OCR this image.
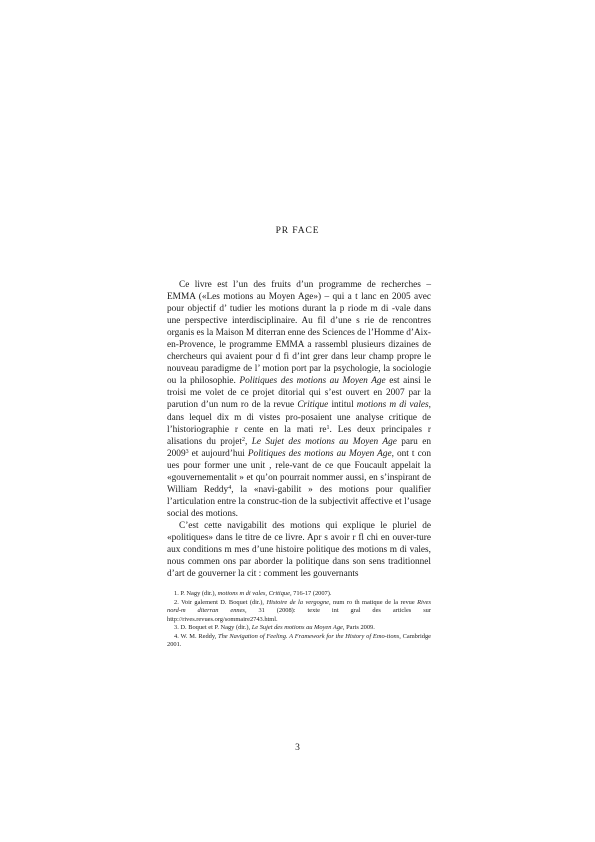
PR FACE

Ce livre est l’un des fruits d’un programme de recherches – EMMA («Les motions au Moyen Age») – qui a t lanc en 2005 avec pour objectif d’ tudier les motions durant la p riode m di -vale dans une perspective interdisciplinaire. Au fil d’une s rie de rencontres organis es la Maison M diterran enne des Sciences de l’Homme d’Aix-en-Provence, le programme EMMA a rassembl plusieurs dizaines de chercheurs qui avaient pour d fi d’int grer dans leur champ propre le nouveau paradigme de l’ motion port par la psychologie, la sociologie ou la philosophie. Politiques des motions au Moyen Age est ainsi le troisi me volet de ce projet ditorial qui s’est ouvert en 2007 par la parution d’un num ro de la revue Critique intitul motions m di vales, dans lequel dix m di vistes pro-posaient une analyse critique de l’historiographie r cente en la mati $re^1$. Les deux principales r alisations du projet$^2$, Le Sujet des motions au Moyen Age paru en 2009$^3$ et aujourd’hui Politiques des motions au Moyen Age, ont t con ues pour former une unit , rele-vant de ce que Foucault appelait la «gouvernementalit » et qu’on pourrait nommer aussi, en s’inspirant de William Reddy$^4$, la «navi-gabilit » des motions pour qualifier l’articulation entre la construc-tion de la subjectivit affective et l’usage social des motions.

C’est cette navigabilit des motions qui explique le pluriel de «politiques» dans le titre de ce livre. Apr s avoir r fl chi en ouver-ture aux conditions m mes d’une histoire politique des motions m di vales, nous commen ons par aborder la politique dans son sens traditionnel d’art de gouverner la cit : comment les gouvernants

1. P. Nagy (dir.), motions m di vales, Critique, 716-17 (2007).

2. Voir galement D. Boquet (dir.), Histoire de la vergogne, num ro th matique de la revue Rives nord-m diterran ennes, 31 (2008): texte int gral des articles sur http://rives.revues.org/sommaire2743.html.

3. D. Boquet et P. Nagy (dir.), Le Sujet des motions au Moyen Age, Paris 2009.

4. W. M. Reddy, The Navigation of Feeling. A Framework for the History of Emo-tions, Cambridge 2001.

3
